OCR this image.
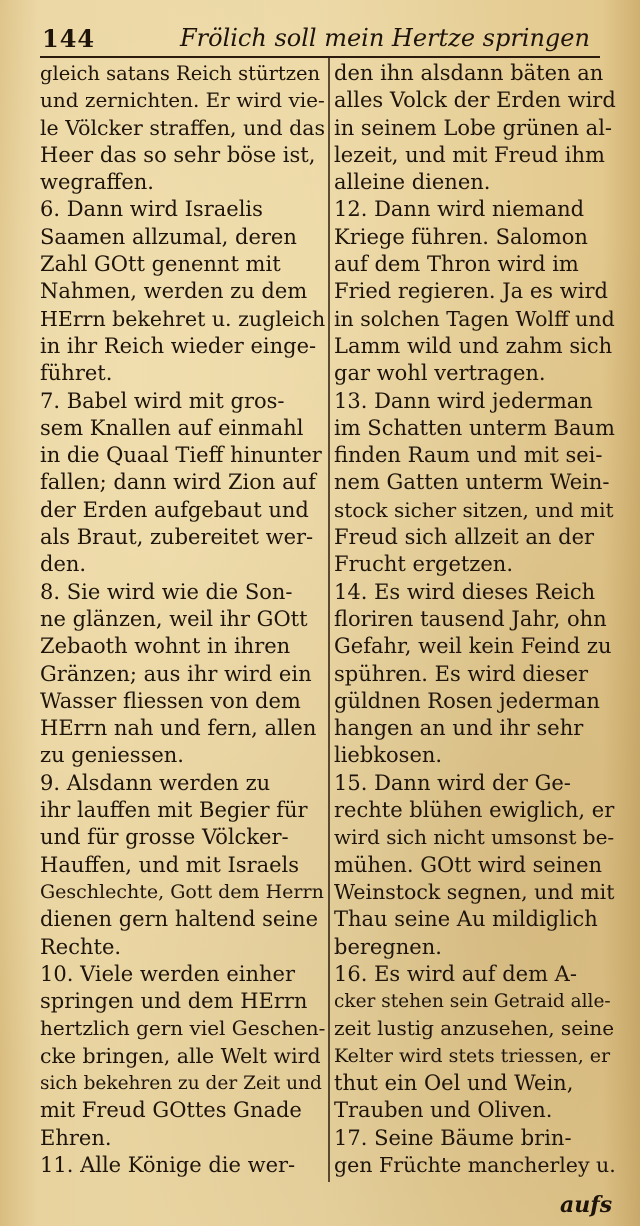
144	Frölich soll mein Hertze springen
gleich satans Reich stürtzen
und zernichten. Er wird vie-
le Völcker straffen, und das
Heer das so sehr böse ist,
wegraffen.
6. Dann wird Israelis
Saamen allzumal, deren
Zahl GOtt genennt mit
Nahmen, werden zu dem
HErrn bekehret u. zugleich
in ihr Reich wieder einge-
führet.
7. Babel wird mit gros-
sem Knallen auf einmahl
in die Quaal Tieff hinunter
fallen; dann wird Zion auf
der Erden aufgebaut und
als Braut, zubereitet wer-
den.
8. Sie wird wie die Son-
ne glänzen, weil ihr GOtt
Zebaoth wohnt in ihren
Gränzen; aus ihr wird ein
Wasser fliessen von dem
HErrn nah und fern, allen
zu geniessen.
9. Alsdann werden zu
ihr lauffen mit Begier für
und für grosse Völcker-
Hauffen, und mit Israels
Geschlechte, Gott dem Herrn
dienen gern haltend seine
Rechte.
10. Viele werden einher
springen und dem HErrn
hertzlich gern viel Geschen-
cke bringen, alle Welt wird
sich bekehren zu der Zeit und
mit Freud GOttes Gnade
Ehren.
11. Alle Könige die wer-
den ihn alsdann bäten an
alles Volck der Erden wird
in seinem Lobe grünen al-
lezeit, und mit Freud ihm
alleine dienen.
12. Dann wird niemand
Kriege führen. Salomon
auf dem Thron wird im
Fried regieren. Ja es wird
in solchen Tagen Wolff und
Lamm wild und zahm sich
gar wohl vertragen.
13. Dann wird jederman
im Schatten unterm Baum
finden Raum und mit sei-
nem Gatten unterm Wein-
stock sicher sitzen, und mit
Freud sich allzeit an der
Frucht ergetzen.
14. Es wird dieses Reich
floriren tausend Jahr, ohn
Gefahr, weil kein Feind zu
spühren. Es wird dieser
güldnen Rosen jederman
hangen an und ihr sehr
liebkosen.
15. Dann wird der Ge-
rechte blühen ewiglich, er
wird sich nicht umsonst be-
mühen. GOtt wird seinen
Weinstock segnen, und mit
Thau seine Au mildiglich
beregnen.
16. Es wird auf dem A-
cker stehen sein Getraid alle-
zeit lustig anzusehen, seine
Kelter wird stets triessen, er
thut ein Oel und Wein,
Trauben und Oliven.
17. Seine Bäume brin-
gen Früchte mancherley u.
aufs
